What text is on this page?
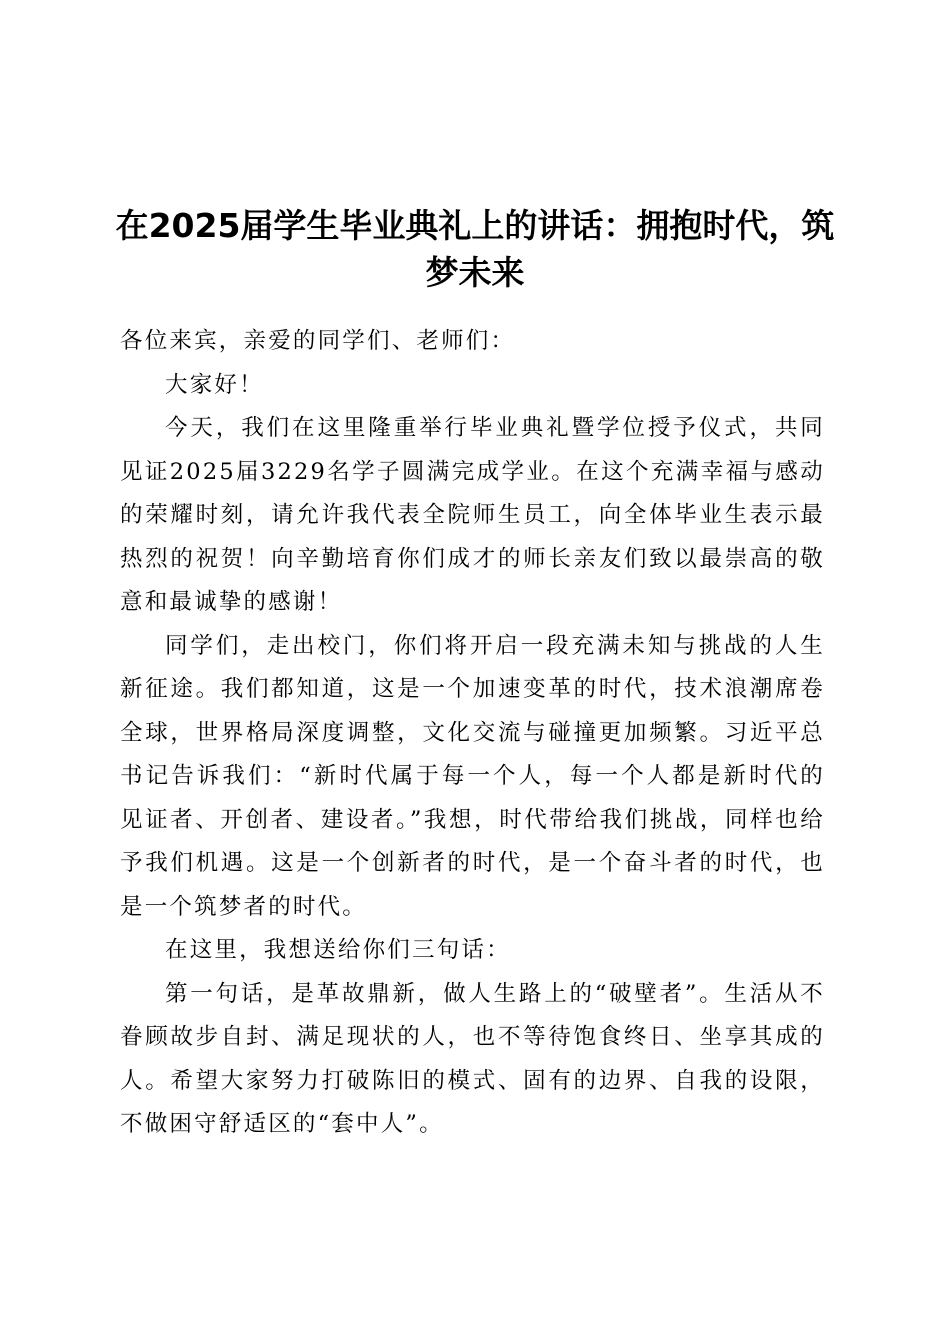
在2025届学生毕业典礼上的讲话：拥抱时代，筑梦未来

各位来宾，亲爱的同学们、老师们：

大家好！

今天，我们在这里隆重举行毕业典礼暨学位授予仪式，共同见证2025届3229名学子圆满完成学业。在这个充满幸福与感动的荣耀时刻，请允许我代表全院师生员工，向全体毕业生表示最热烈的祝贺！向辛勤培育你们成才的师长亲友们致以最崇高的敬意和最诚挚的感谢！

同学们，走出校门，你们将开启一段充满未知与挑战的人生新征途。我们都知道，这是一个加速变革的时代，技术浪潮席卷全球，世界格局深度调整，文化交流与碰撞更加频繁。习近平总书记告诉我们：“新时代属于每一个人，每一个人都是新时代的见证者、开创者、建设者。”我想，时代带给我们挑战，同样也给予我们机遇。这是一个创新者的时代，是一个奋斗者的时代，也是一个筑梦者的时代。

在这里，我想送给你们三句话：

第一句话，是革故鼎新，做人生路上的“破壁者”。生活从不眷顾故步自封、满足现状的人，也不等待饱食终日、坐享其成的人。希望大家努力打破陈旧的模式、固有的边界、自我的设限，不做困守舒适区的“套中人”。
